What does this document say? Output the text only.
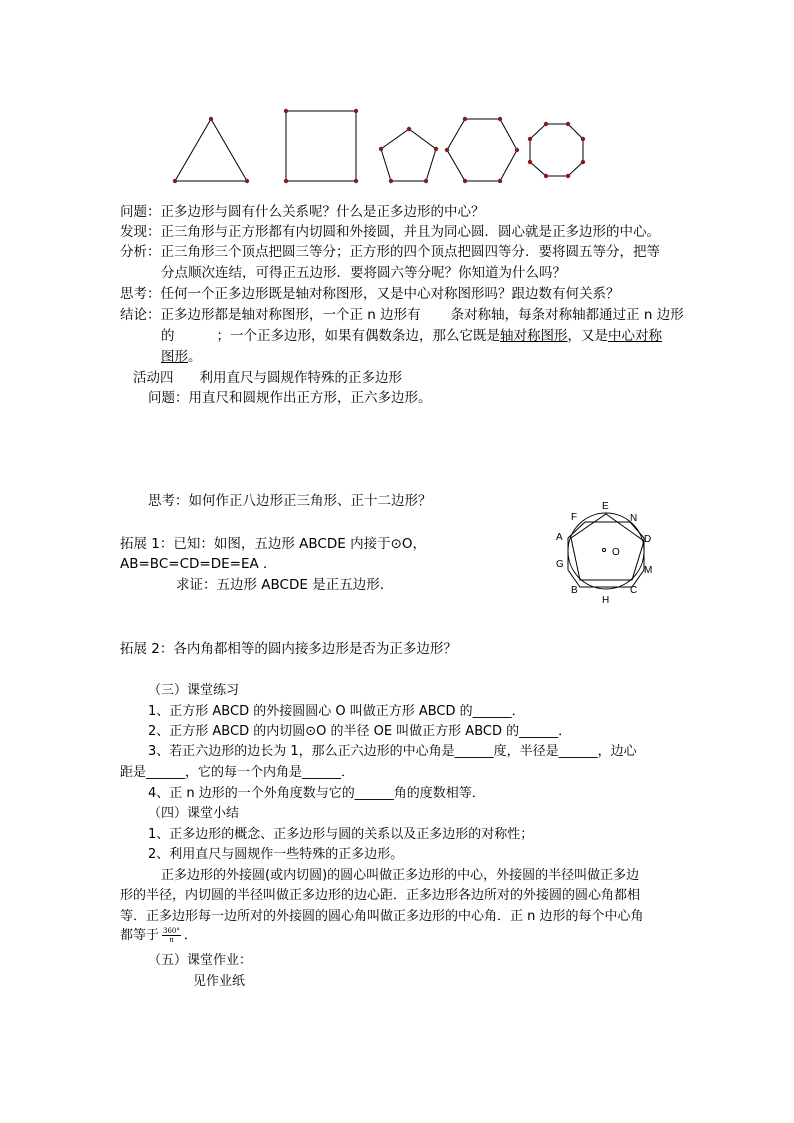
问题：正多边形与圆有什么关系呢？什么是正多边形的中心？
发现：正三角形与正方形都有内切圆和外接圆，并且为同心圆．圆心就是正多边形的中心。
分析：正三角形三个顶点把圆三等分；正方形的四个顶点把圆四等分．要将圆五等分，把等
分点顺次连结，可得正五边形．要将圆六等分呢？你知道为什么吗？
思考：任何一个正多边形既是轴对称图形，又是中心对称图形吗？跟边数有何关系？
结论：正多边形都是轴对称图形，一个正 n 边形有 条对称轴，每条对称轴都通过正 n 边形
的	；一个正多边形，如果有偶数条边，那么它既是轴对称图形，又是中心对称
图形。
活动四 利用直尺与圆规作特殊的正多边形
问题：用直尺和圆规作出正方形，正六多边形。
思考：如何作正八边形正三角形、正十二边形？
拓展 1：已知：如图，五边形 ABCDE 内接于⊙O，
AB=BC=CD=DE=EA ．
求证：五边形 ABCDE 是正五边形．
A
B	C
D
E
F
G
H
M
N
O
拓展 2：各内角都相等的圆内接多边形是否为正多边形？
（三）课堂练习
1、正方形 ABCD 的外接圆圆心 O 叫做正方形 ABCD 的______．
2、正方形 ABCD 的内切圆⊙O 的半径 OE 叫做正方形 ABCD 的______．
3、若正六边形的边长为 1，那么正六边形的中心角是______度，半径是______，边心
距是______，它的每一个内角是______．
4、正 n 边形的一个外角度数与它的______角的度数相等．
（四）课堂小结
1、正多边形的概念、正多边形与圆的关系以及正多边形的对称性；
2、利用直尺与圆规作一些特殊的正多边形。
正多边形的外接圆(或内切圆)的圆心叫做正多边形的中心，外接圆的半径叫做正多边
形的半径，内切圆的半径叫做正多边形的边心距．正多边形各边所对的外接圆的圆心角都相
等．正多边形每一边所对的外接圆的圆心角叫做正多边形的中心角．正 n 边形的每个中心角
都等于 $\frac{360^\circ}{n}$ ．
（五）课堂作业：
见作业纸
